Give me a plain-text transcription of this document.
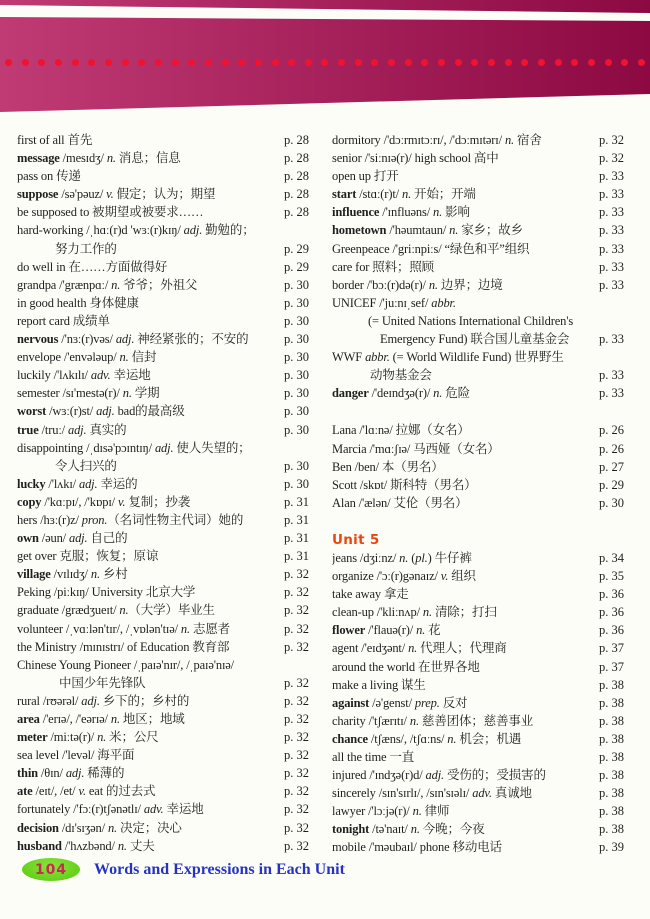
first of all 首先	p. 28
message /mesɪdʒ/ n. 消息；信息	p. 28
pass on 传递	p. 28
suppose /sə'pəuz/ v. 假定；认为；期望	p. 28
be supposed to 被期望或被要求……	p. 28
hard-working /ˌhɑː(r)d 'wɜː(r)kɪŋ/ adj. 勤勉的；
努力工作的	p. 29
do well in 在……方面做得好	p. 29
grandpa /'grænpɑː/ n. 爷爷；外祖父	p. 30
in good health 身体健康	p. 30
report card 成绩单	p. 30
nervous /'nɜː(r)vəs/ adj. 神经紧张的；不安的	p. 30
envelope /'envələup/ n. 信封	p. 30
luckily /'lʌkɪlɪ/ adv. 幸运地	p. 30
semester /sɪ'mestə(r)/ n. 学期	p. 30
worst /wɜː(r)st/ adj. bad的最高级	p. 30
true /truː/ adj. 真实的	p. 30
disappointing /ˌdɪsə'pɔɪntɪŋ/ adj. 使人失望的；
令人扫兴的	p. 30
lucky /'lʌkɪ/ adj. 幸运的	p. 30
copy /'kɑːpɪ/, /'kɒpɪ/ v. 复制；抄袭	p. 31
hers /hɜː(r)z/ pron.（名词性物主代词）她的	p. 31
own /əun/ adj. 自己的	p. 31
get over 克服；恢复；原谅	p. 31
village /vɪlɪdʒ/ n. 乡村	p. 32
Peking /piːkɪŋ/ University 北京大学	p. 32
graduate /grædʒueɪt/ n.（大学）毕业生	p. 32
volunteer /ˌvɑːlən'tɪr/, /ˌvɒlən'tɪə/ n. 志愿者	p. 32
the Ministry /mɪnɪstrɪ/ of Education 教育部	p. 32
Chinese Young Pioneer /ˌpaɪə'nɪr/, /ˌpaɪə'nɪə/
中国少年先锋队	p. 32
rural /rʊərəl/ adj. 乡下的；乡村的	p. 32
area /'erɪə/, /'eərɪə/ n. 地区；地域	p. 32
meter /miːtə(r)/ n. 米；公尺	p. 32
sea level /'levəl/ 海平面	p. 32
thin /θɪn/ adj. 稀薄的	p. 32
ate /eɪt/, /et/ v. eat 的过去式	p. 32
fortunately /'fɔː(r)tʃənətlɪ/ adv. 幸运地	p. 32
decision /dɪ'sɪʒən/ n. 决定；决心	p. 32
husband /'hʌzbənd/ n. 丈夫	p. 32
dormitory /'dɔːrmɪtɔːrɪ/, /'dɔːmɪtərɪ/ n. 宿舍	p. 32
senior /'siːnɪə(r)/ high school 高中	p. 32
open up 打开	p. 33
start /stɑː(r)t/ n. 开始；开端	p. 33
influence /'ɪnfluəns/ n. 影响	p. 33
hometown /'həumtaun/ n. 家乡；故乡	p. 33
Greenpeace /'griːnpiːs/ “绿色和平”组织	p. 33
care for 照料；照顾	p. 33
border /'bɔː(r)də(r)/ n. 边界；边境	p. 33
UNICEF /'juːnɪˌsef/ abbr.
(= United Nations International Children's
Emergency Fund) 联合国儿童基金会	p. 33
WWF abbr. (= World Wildlife Fund) 世界野生
动物基金会	p. 33
danger /'deɪndʒə(r)/ n. 危险	p. 33
Lana /'lɑːnə/ 拉娜（女名）	p. 26
Marcia /'mɑːʃɪə/ 马西娅（女名）	p. 26
Ben /ben/ 本（男名）	p. 27
Scott /skɒt/ 斯科特（男名）	p. 29
Alan /'ælən/ 艾伦（男名）	p. 30
Unit 5
jeans /dʒiːnz/ n. (pl.) 牛仔裤	p. 34
organize /'ɔː(r)gənaɪz/ v. 组织	p. 35
take away 拿走	p. 36
clean-up /'kliːnʌp/ n. 清除；打扫	p. 36
flower /'flauə(r)/ n. 花	p. 36
agent /'eɪdʒənt/ n. 代理人；代理商	p. 37
around the world 在世界各地	p. 37
make a living 谋生	p. 38
against /ə'genst/ prep. 反对	p. 38
charity /'tʃærɪtɪ/ n. 慈善团体；慈善事业	p. 38
chance /tʃæns/, /tʃɑːns/ n. 机会；机遇	p. 38
all the time 一直	p. 38
injured /'ɪndʒə(r)d/ adj. 受伤的；受损害的	p. 38
sincerely /sɪn'sɪrlɪ/, /sɪn'sɪəlɪ/ adv. 真诚地	p. 38
lawyer /'lɔːjə(r)/ n. 律师	p. 38
tonight /tə'naɪt/ n. 今晚；今夜	p. 38
mobile /'məubaɪl/ phone 移动电话	p. 39
104 Words and Expressions in Each Unit
